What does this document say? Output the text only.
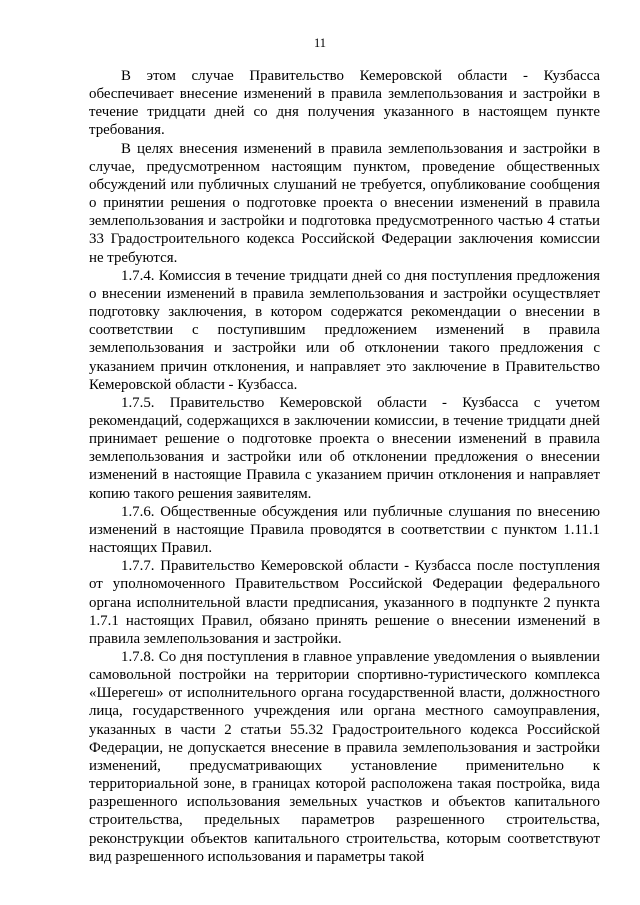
11

В этом случае Правительство Кемеровской области - Кузбасса обеспечивает внесение изменений в правила землепользования и застройки в течение тридцати дней со дня получения указанного в настоящем пункте требования.

В целях внесения изменений в правила землепользования и застройки в случае, предусмотренном настоящим пунктом, проведение общественных обсуждений или публичных слушаний не требуется, опубликование сообщения о принятии решения о подготовке проекта о внесении изменений в правила землепользования и застройки и подготовка предусмотренного частью 4 статьи 33 Градостроительного кодекса Российской Федерации заключения комиссии не требуются.

1.7.4. Комиссия в течение тридцати дней со дня поступления предложения о внесении изменений в правила землепользования и застройки осуществляет подготовку заключения, в котором содержатся рекомендации о внесении в соответствии с поступившим предложением изменений в правила землепользования и застройки или об отклонении такого предложения с указанием причин отклонения, и направляет это заключение в Правительство Кемеровской области - Кузбасса.

1.7.5. Правительство Кемеровской области - Кузбасса с учетом рекомендаций, содержащихся в заключении комиссии, в течение тридцати дней принимает решение о подготовке проекта о внесении изменений в правила землепользования и застройки или об отклонении предложения о внесении изменений в настоящие Правила с указанием причин отклонения и направляет копию такого решения заявителям.

1.7.6. Общественные обсуждения или публичные слушания по внесению изменений в настоящие Правила проводятся в соответствии с пунктом 1.11.1 настоящих Правил.

1.7.7. Правительство Кемеровской области - Кузбасса после поступления от уполномоченного Правительством Российской Федерации федерального органа исполнительной власти предписания, указанного в подпункте 2 пункта 1.7.1 настоящих Правил, обязано принять решение о внесении изменений в правила землепользования и застройки.

1.7.8. Со дня поступления в главное управление уведомления о выявлении самовольной постройки на территории спортивно-туристического комплекса «Шерегеш» от исполнительного органа государственной власти, должностного лица, государственного учреждения или органа местного самоуправления, указанных в части 2 статьи 55.32 Градостроительного кодекса Российской Федерации, не допускается внесение в правила землепользования и застройки изменений, предусматривающих установление применительно к территориальной зоне, в границах которой расположена такая постройка, вида разрешенного использования земельных участков и объектов капитального строительства, предельных параметров разрешенного строительства, реконструкции объектов капитального строительства, которым соответствуют вид разрешенного использования и параметры такой
